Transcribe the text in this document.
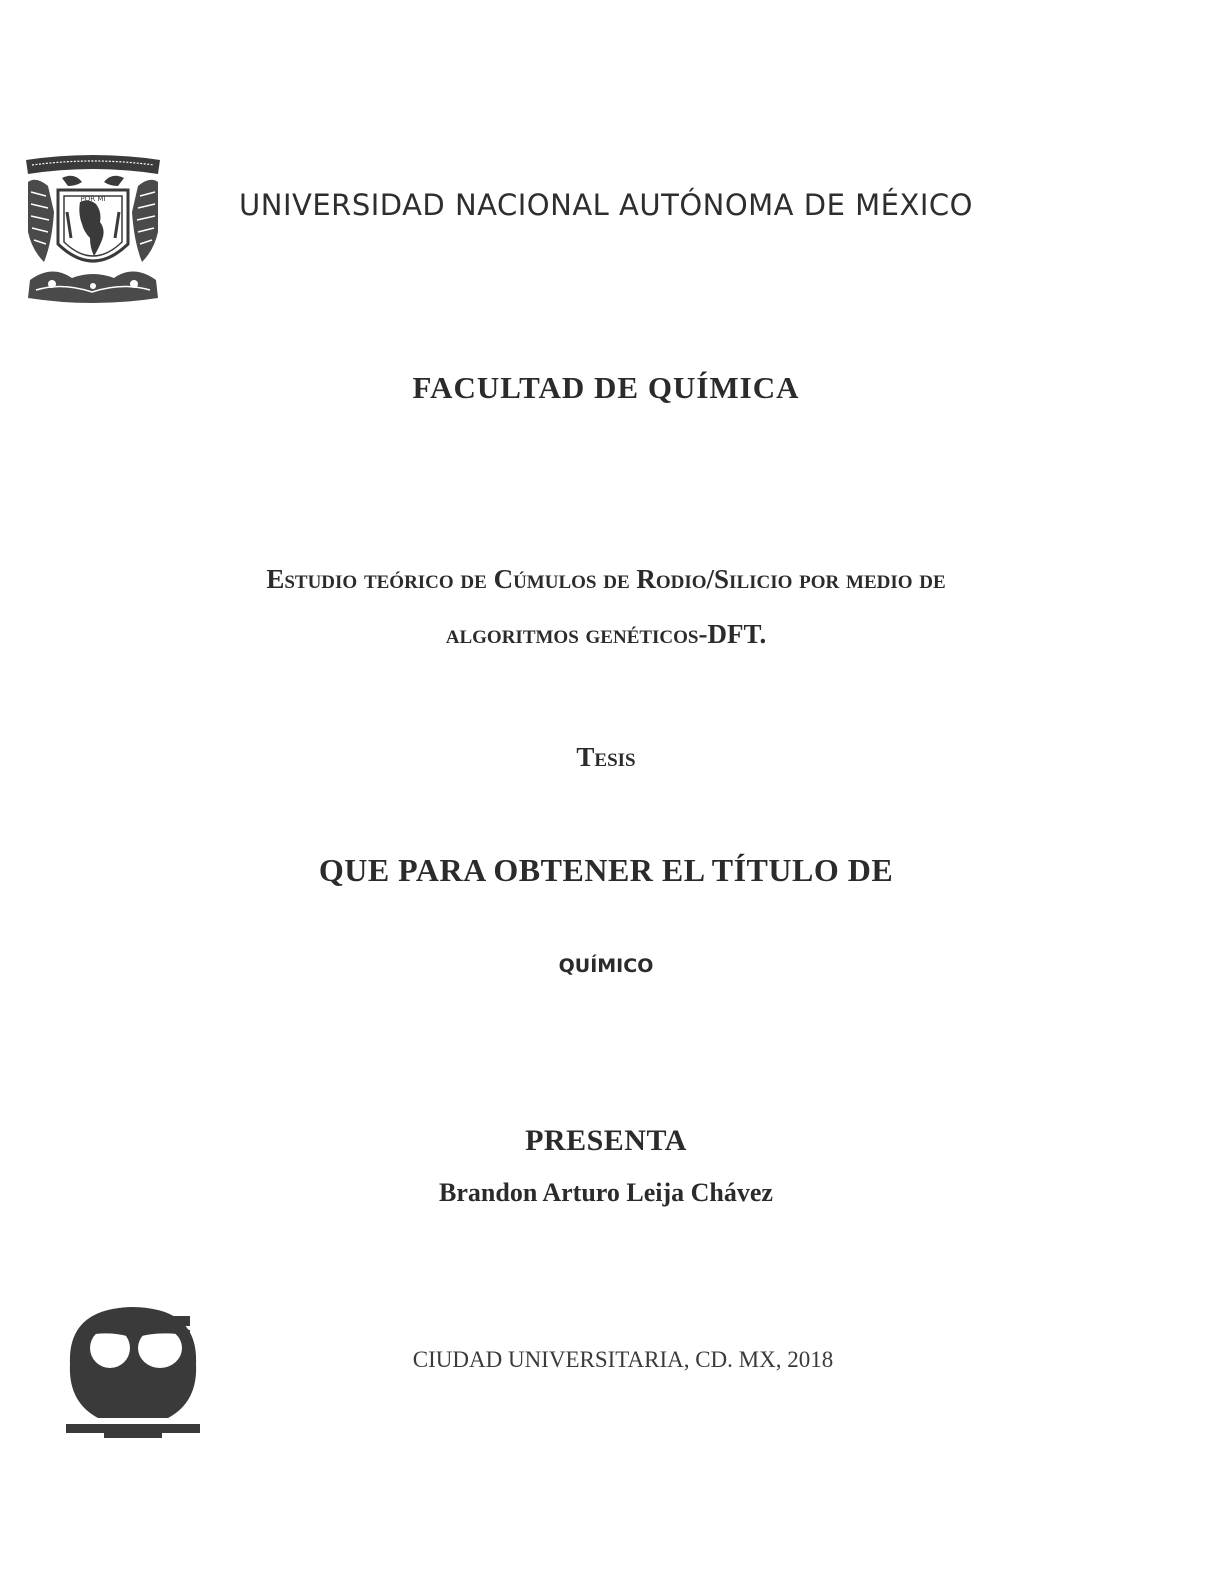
POR MI	UNIVERSIDAD NACIONAL AUTÓNOMA DE MÉXICO
FACULTAD DE QUÍMICA
Estudio teórico de Cúmulos de Rodio/Silicio por medio de
algoritmos genéticos-DFT.
Tesis
QUE PARA OBTENER EL TÍTULO DE
QUÍMICO
PRESENTA
Brandon Arturo Leija Chávez
CIUDAD UNIVERSITARIA, CD. MX, 2018
